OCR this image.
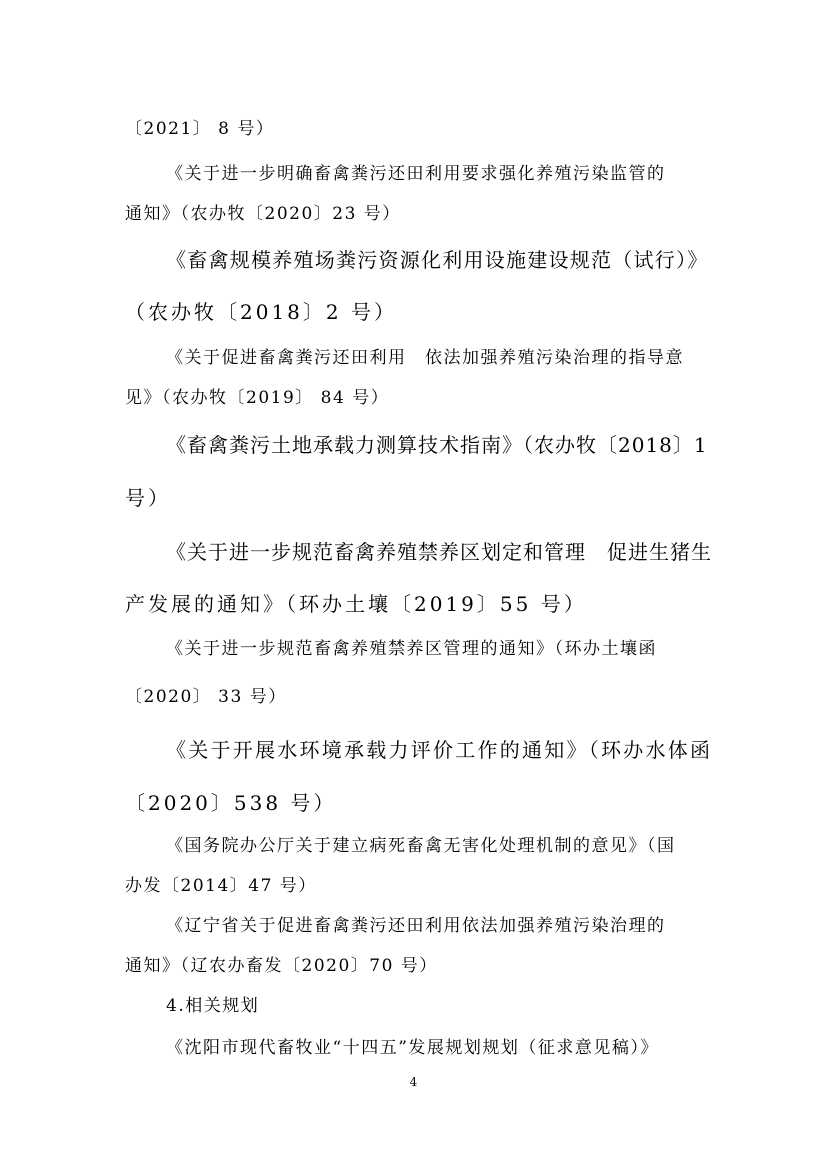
〔2021〕 8 号）
《关于进一步明确畜禽粪污还田利用要求强化养殖污染监管的
通知》（农办牧〔2020〕23 号）
《畜禽规模养殖场粪污资源化利用设施建设规范（试行）》
（农办牧〔2018〕2 号）
《关于促进畜禽粪污还田利用　依法加强养殖污染治理的指导意
见》（农办牧〔2019〕 84 号）
《畜禽粪污土地承载力测算技术指南》（农办牧〔2018〕1
号）
《关于进一步规范畜禽养殖禁养区划定和管理　促进生猪生
产发展的通知》（环办土壤〔2019〕55 号）
《关于进一步规范畜禽养殖禁养区管理的通知》（环办土壤函
〔2020〕 33 号）
《关于开展水环境承载力评价工作的通知》（环办水体函
〔2020〕538 号）
《国务院办公厅关于建立病死畜禽无害化处理机制的意见》（国
办发〔2014〕47 号）
《辽宁省关于促进畜禽粪污还田利用依法加强养殖污染治理的
通知》（辽农办畜发〔2020〕70 号）
4.相关规划
《沈阳市现代畜牧业“十四五”发展规划规划（征求意见稿）》
4
